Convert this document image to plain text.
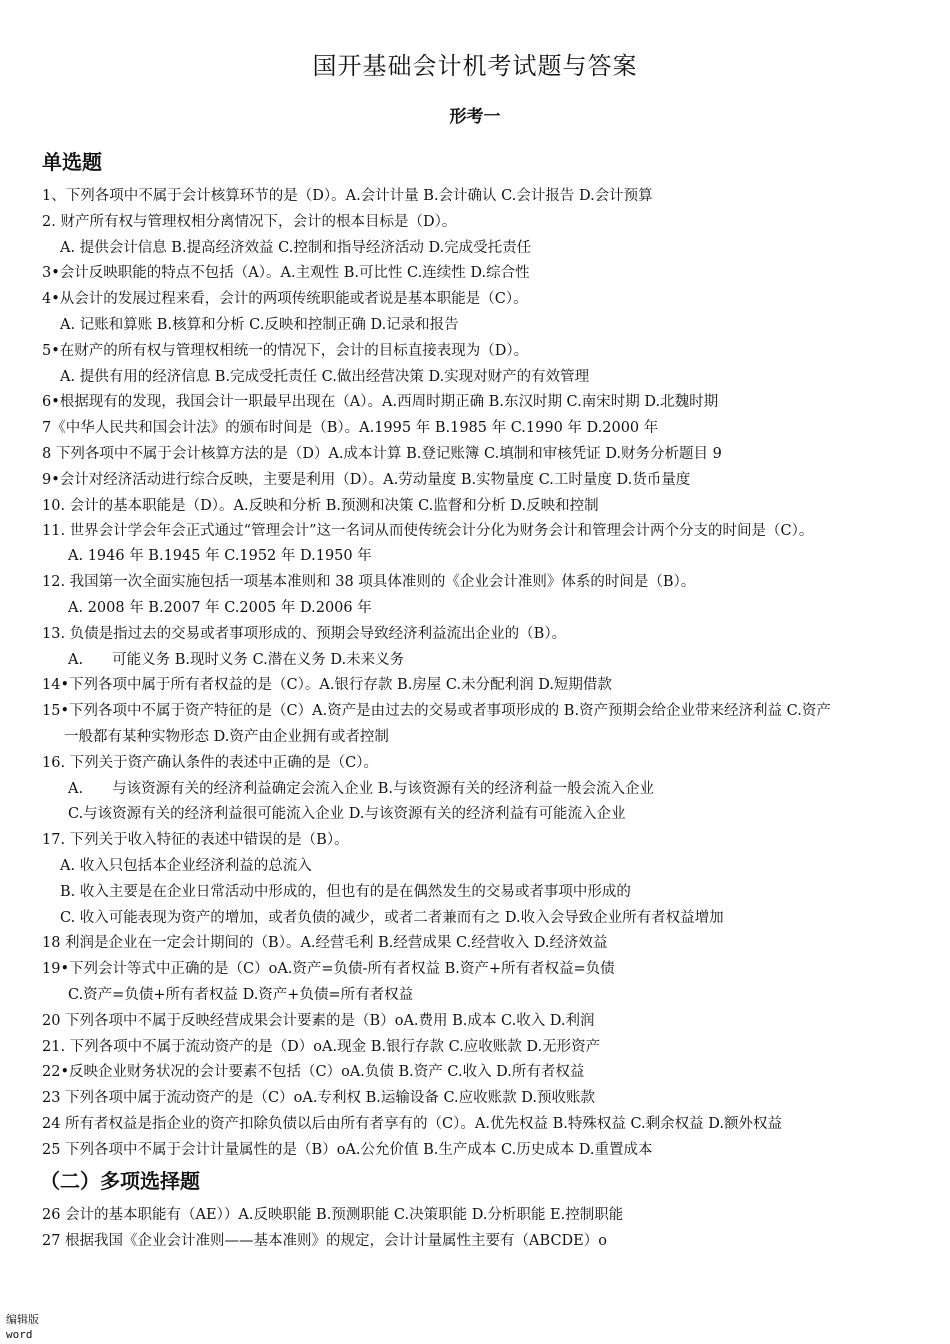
国开基础会计机考试题与答案
形考一
单选题

1、下列各项中不属于会计核算环节的是（D）。A.会计计量 B.会计确认 C.会计报告 D.会计预算

2. 财产所有权与管理权相分离情况下，会计的根本目标是（D）。

A. 提供会计信息 B.提高经济效益 C.控制和指导经济活动 D.完成受托责任

3•会计反映职能的特点不包括（A）。A.主观性 B.可比性 C.连续性 D.综合性

4•从会计的发展过程来看，会计的两项传统职能或者说是基本职能是（C）。

A. 记账和算账 B.核算和分析 C.反映和控制正确 D.记录和报告

5•在财产的所有权与管理权相统一的情况下，会计的目标直接表现为（D）。

A. 提供有用的经济信息 B.完成受托责任 C.做出经营决策 D.实现对财产的有效管理

6•根据现有的发现，我国会计一职最早出现在（A）。A.西周时期正确 B.东汉时期 C.南宋时期 D.北魏时期

7《中华人民共和国会计法》的颁布时间是（B）。A.1995 年 B.1985 年 C.1990 年 D.2000 年

8 下列各项中不属于会计核算方法的是（D）A.成本计算 B.登记账簿 C.填制和审核凭证 D.财务分析题目 9

9•会计对经济活动进行综合反映，主要是利用（D）。A.劳动量度 B.实物量度 C.工时量度 D.货币量度

10. 会计的基本职能是（D）。A.反映和分析 B.预测和决策 C.监督和分析 D.反映和控制

11. 世界会计学会年会正式通过“管理会计”这一名词从而使传统会计分化为财务会计和管理会计两个分支的时间是（C）。

A. 1946 年 B.1945 年 C.1952 年 D.1950 年

12. 我国第一次全面实施包括一项基本准则和 38 项具体准则的《企业会计准则》体系的时间是（B）。

A. 2008 年 B.2007 年 C.2005 年 D.2006 年

13. 负债是指过去的交易或者事项形成的、预期会导致经济利益流出企业的（B）。

A.　　可能义务 B.现时义务 C.潜在义务 D.未来义务

14•下列各项中属于所有者权益的是（C）。A.银行存款 B.房屋 C.未分配利润 D.短期借款

15•下列各项中不属于资产特征的是（C）A.资产是由过去的交易或者事项形成的 B.资产预期会给企业带来经济利益 C.资产

一般都有某种实物形态 D.资产由企业拥有或者控制

16. 下列关于资产确认条件的表述中正确的是（C）。

A.　　与该资源有关的经济利益确定会流入企业 B.与该资源有关的经济利益一般会流入企业

C.与该资源有关的经济利益很可能流入企业 D.与该资源有关的经济利益有可能流入企业

17. 下列关于收入特征的表述中错误的是（B）。

A. 收入只包括本企业经济利益的总流入

B. 收入主要是在企业日常活动中形成的，但也有的是在偶然发生的交易或者事项中形成的

C. 收入可能表现为资产的增加，或者负债的减少，或者二者兼而有之 D.收入会导致企业所有者权益增加

18 利润是企业在一定会计期间的（B）。A.经营毛利 B.经营成果 C.经营收入 D.经济效益

19•下列会计等式中正确的是（C）oA.资产=负债-所有者权益 B.资产+所有者权益=负债

C.资产=负债+所有者权益 D.资产+负债=所有者权益

20 下列各项中不属于反映经营成果会计要素的是（B）oA.费用 B.成本 C.收入 D.利润

21. 下列各项中不属于流动资产的是（D）oA.现金 B.银行存款 C.应收账款 D.无形资产

22•反映企业财务状况的会计要素不包括（C）oA.负债 B.资产 C.收入 D.所有者权益

23 下列各项中属于流动资产的是（C）oA.专利权 B.运输设备 C.应收账款 D.预收账款

24 所有者权益是指企业的资产扣除负债以后由所有者享有的（C）。A.优先权益 B.特殊权益 C.剩余权益 D.额外权益

25 下列各项中不属于会计计量属性的是（B）oA.公允价值 B.生产成本 C.历史成本 D.重置成本

（二）多项选择题

26 会计的基本职能有（AE））A.反映职能 B.预测职能 C.决策职能 D.分析职能 E.控制职能

27 根据我国《企业会计准则——基本准则》的规定，会计计量属性主要有（ABCDE）o

编辑版
word
